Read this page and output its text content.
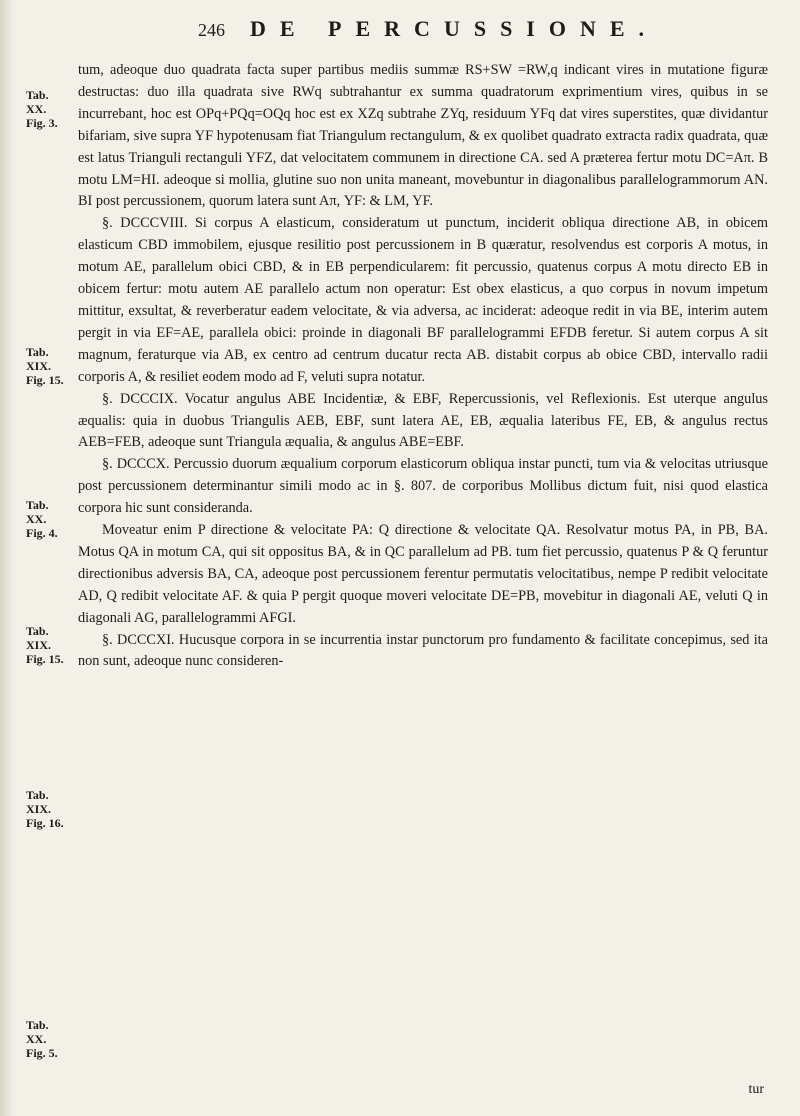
246 DE PERCUSSIONE.
Tab.
XX.
Fig. 3.
Tab.
XIX.
Fig. 15.
Tab.
XX.
Fig. 4.
Tab.
XIX.
Fig. 15.
Tab.
XIX.
Fig. 16.
Tab.
XX.
Fig. 5.

tum, adeoque duo quadrata facta super partibus mediis summæ RS+SW =RW,q indicant vires in mutatione figuræ destructas: duo illa quadrata sive RWq subtrahantur ex summa quadratorum exprimentium vires, quibus in se incurrebant, hoc est OPq+PQq=OQq hoc est ex XZq subtrahe ZYq, residuum YFq dat vires superstites, quæ dividantur bifariam, sive supra YF hypotenusam fiat Triangulum rectangulum, & ex quolibet quadrato extracta radix quadrata, quæ est latus Trianguli rectanguli YFZ, dat velocitatem communem in directione CA. sed A præterea fertur motu DC=Aπ. B motu LM=HI. adeoque si mollia, glutine suo non unita maneant, movebuntur in diagonalibus parallelogrammorum AN. BI post percussionem, quorum latera sunt Aπ, YF: & LM, YF.

§. DCCCVIII. Si corpus A elasticum, consideratum ut punctum, inciderit obliqua directione AB, in obicem elasticum CBD immobilem, ejusque resilitio post percussionem in B quæratur, resolvendus est corporis A motus, in motum AE, parallelum obici CBD, & in EB perpendicularem: fit percussio, quatenus corpus A motu directo EB in obicem fertur: motu autem AE parallelo actum non operatur: Est obex elasticus, a quo corpus in novum impetum mittitur, exsultat, & reverberatur eadem velocitate, & via adversa, ac inciderat: adeoque redit in via BE, interim autem pergit in via EF=AE, parallela obici: proinde in diagonali BF parallelogrammi EFDB feretur. Si autem corpus A sit magnum, feraturque via AB, ex centro ad centrum ducatur recta AB. distabit corpus ab obice CBD, intervallo radii corporis A, & resiliet eodem modo ad F, veluti supra notatur.

§. DCCCIX. Vocatur angulus ABE Incidentiæ, & EBF, Repercussionis, vel Reflexionis. Est uterque angulus æqualis: quia in duobus Triangulis AEB, EBF, sunt latera AE, EB, æqualia lateribus FE, EB, & angulus rectus AEB=FEB, adeoque sunt Triangula æqualia, & angulus ABE=EBF.

§. DCCCX. Percussio duorum æqualium corporum elasticorum obliqua instar puncti, tum via & velocitas utriusque post percussionem determinantur simili modo ac in §. 807. de corporibus Mollibus dictum fuit, nisi quod elastica corpora hic sunt consideranda.

Moveatur enim P directione & velocitate PA: Q directione & velocitate QA. Resolvatur motus PA, in PB, BA. Motus QA in motum CA, qui sit oppositus BA, & in QC parallelum ad PB. tum fiet percussio, quatenus P & Q feruntur directionibus adversis BA, CA, adeoque post percussionem ferentur permutatis velocitatibus, nempe P redibit velocitate AD, Q redibit velocitate AF. & quia P pergit quoque moveri velocitate DE=PB, movebitur in diagonali AE, veluti Q in diagonali AG, parallelogrammi AFGI.

§. DCCCXI. Hucusque corpora in se incurrentia instar punctorum pro fundamento & facilitate concepimus, sed ita non sunt, adeoque nunc consideren-

tur
